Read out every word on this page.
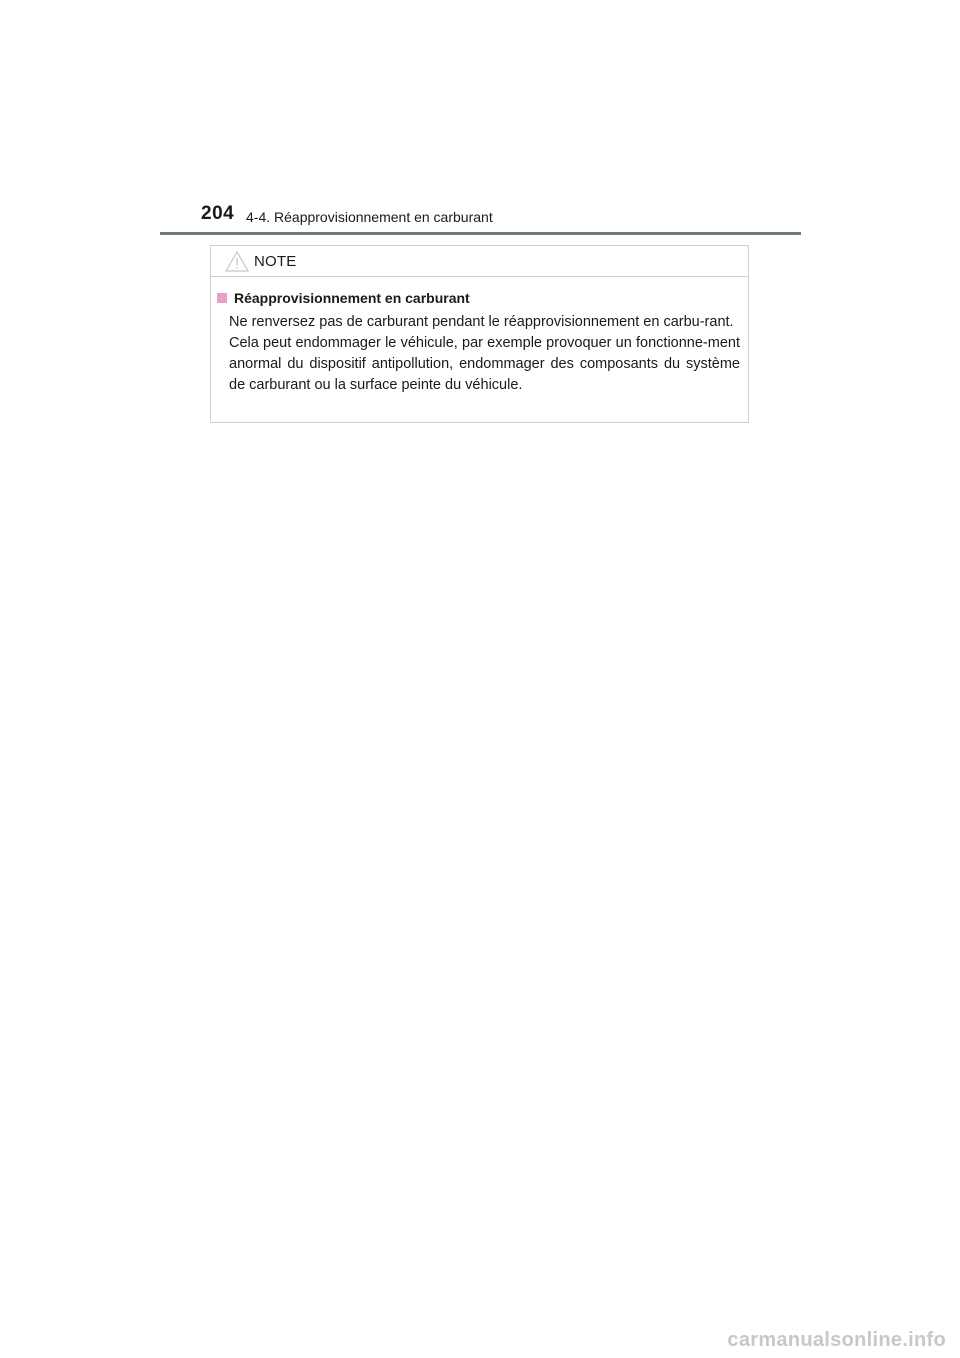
204 4-4. Réapprovisionnement en carburant
NOTE
Réapprovisionnement en carburant

Ne renversez pas de carburant pendant le réapprovisionnement en carbu-rant.

Cela peut endommager le véhicule, par exemple provoquer un fonctionne-ment anormal du dispositif antipollution, endommager des composants du système de carburant ou la surface peinte du véhicule.

carmanualsonline.info
